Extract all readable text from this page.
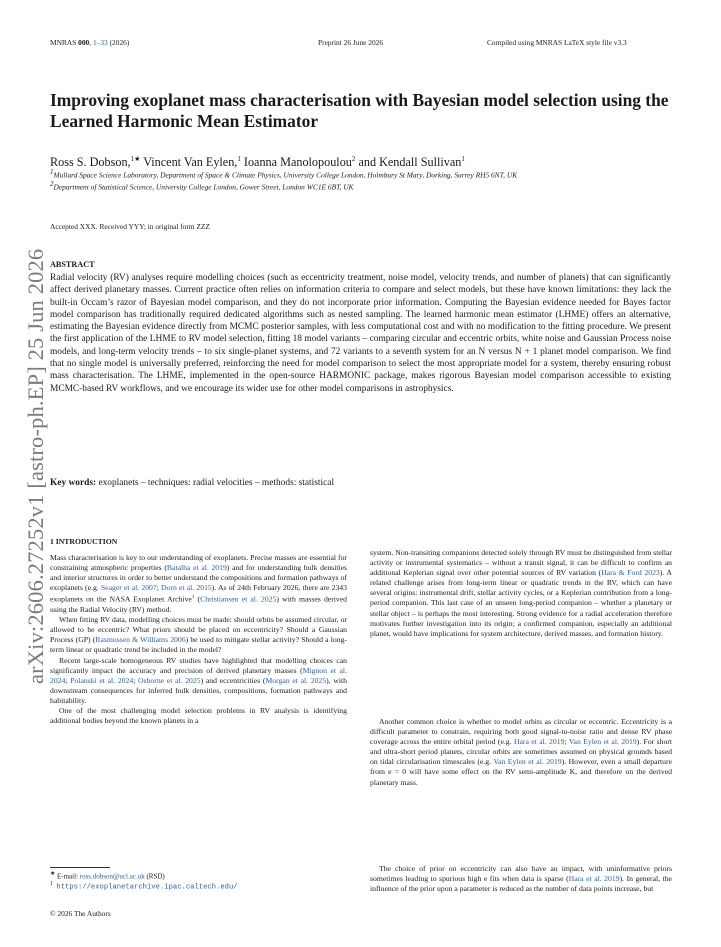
MNRAS 000, 1–33 (2026)	Preprint 26 June 2026	Compiled using MNRAS LaTeX style file v3.3
arXiv:2606.27252v1 [astro-ph.EP] 25 Jun 2026
Improving exoplanet mass characterisation with Bayesian model selection using the Learned Harmonic Mean Estimator
Ross S. Dobson,$^{1★}$ Vincent Van Eylen,$^1$ Ioanna Manolopoulou$^2$ and Kendall Sullivan$^1$
$^1$Mullard Space Science Laboratory, Department of Space & Climate Physics, University College London, Holmbury St Mary, Dorking, Surrey RH5 6NT, UK
$^2$Department of Statistical Science, University College London, Gower Street, London WC1E 6BT, UK
Accepted XXX. Received YYY; in original form ZZZ
ABSTRACT
Radial velocity (RV) analyses require modelling choices (such as eccentricity treatment, noise model, velocity trends, and number of planets) that can significantly affect derived planetary masses. Current practice often relies on information criteria to compare and select models, but these have known limitations: they lack the built-in Occam’s razor of Bayesian model comparison, and they do not incorporate prior information. Computing the Bayesian evidence needed for Bayes factor model comparison has traditionally required dedicated algorithms such as nested sampling. The learned harmonic mean estimator (LHME) offers an alternative, estimating the Bayesian evidence directly from MCMC posterior samples, with less computational cost and with no modification to the fitting procedure. We present the first application of the LHME to RV model selection, fitting 18 model variants – comparing circular and eccentric orbits, white noise and Gaussian Process noise models, and long-term velocity trends – to six single-planet systems, and 72 variants to a seventh system for an N versus N + 1 planet model comparison. We find that no single model is universally preferred, reinforcing the need for model comparison to select the most appropriate model for a system, thereby ensuring robust mass characterisation. The LHME, implemented in the open-source HARMONIC package, makes rigorous Bayesian model comparison accessible to existing MCMC-based RV workflows, and we encourage its wider use for other model comparisons in astrophysics.
Key words: exoplanets – techniques: radial velocities – methods: statistical
1 INTRODUCTION

Mass characterisation is key to our understanding of exoplanets. Precise masses are essential for constraining atmospheric properties (Batalha et al. 2019) and for understanding bulk densities and interior structures in order to better understand the compositions and formation pathways of exoplanets (e.g. Seager et al. 2007; Dorn et al. 2015). As of 24th February 2026, there are 2343 exoplanets on the NASA Exoplanet Archive$^1$ (Christiansen et al. 2025) with masses derived using the Radial Velocity (RV) method.

When fitting RV data, modelling choices must be made: should orbits be assumed circular, or allowed to be eccentric? What priors should be placed on eccentricity? Should a Gaussian Process (GP) (Rasmussen & Williams 2006) be used to mitigate stellar activity? Should a long-term linear or quadratic trend be included in the model?

Recent large-scale homogeneous RV studies have highlighted that modelling choices can significantly impact the accuracy and precision of derived planetary masses (Mignon et al. 2024; Polanski et al. 2024; Osborne et al. 2025) and eccentricities (Morgan et al. 2025), with downstream consequences for inferred bulk densities, compositions, formation pathways and habitability.

One of the most challenging model selection problems in RV analysis is identifying additional bodies beyond the known planets in a

system. Non-transiting companions detected solely through RV must be distinguished from stellar activity or instrumental systematics – without a transit signal, it can be difficult to confirm an additional Keplerian signal over other potential sources of RV variation (Hara & Ford 2023). A related challenge arises from long-term linear or quadratic trends in the RV, which can have several origins: instrumental drift, stellar activity cycles, or a Keplerian contribution from a long-period companion. This last case of an unseen long-period companion – whether a planetary or stellar object – is perhaps the most interesting. Strong evidence for a radial acceleration therefore motivates further investigation into its origin; a confirmed companion, especially an additional planet, would have implications for system architecture, derived masses, and formation history.

Another common choice is whether to model orbits as circular or eccentric. Eccentricity is a difficult parameter to constrain, requiring both good signal-to-noise ratio and dense RV phase coverage across the entire orbital period (e.g. Hara et al. 2019; Van Eylen et al. 2019). For short and ultra-short period planets, circular orbits are sometimes assumed on physical grounds based on tidal circularisation timescales (e.g. Van Eylen et al. 2019). However, even a small departure from e = 0 will have some effect on the RV semi-amplitude K, and therefore on the derived planetary mass.

The choice of prior on eccentricity can also have an impact, with uninformative priors sometimes leading to spurious high e fits when data is sparse (Hara et al. 2019). In general, the influence of the prior upon a parameter is reduced as the number of data points increase, but

★ E-mail: ross.dobson@ucl.ac.uk (RSD)
$^1$ https://exoplanetarchive.ipac.caltech.edu/
© 2026 The Authors
